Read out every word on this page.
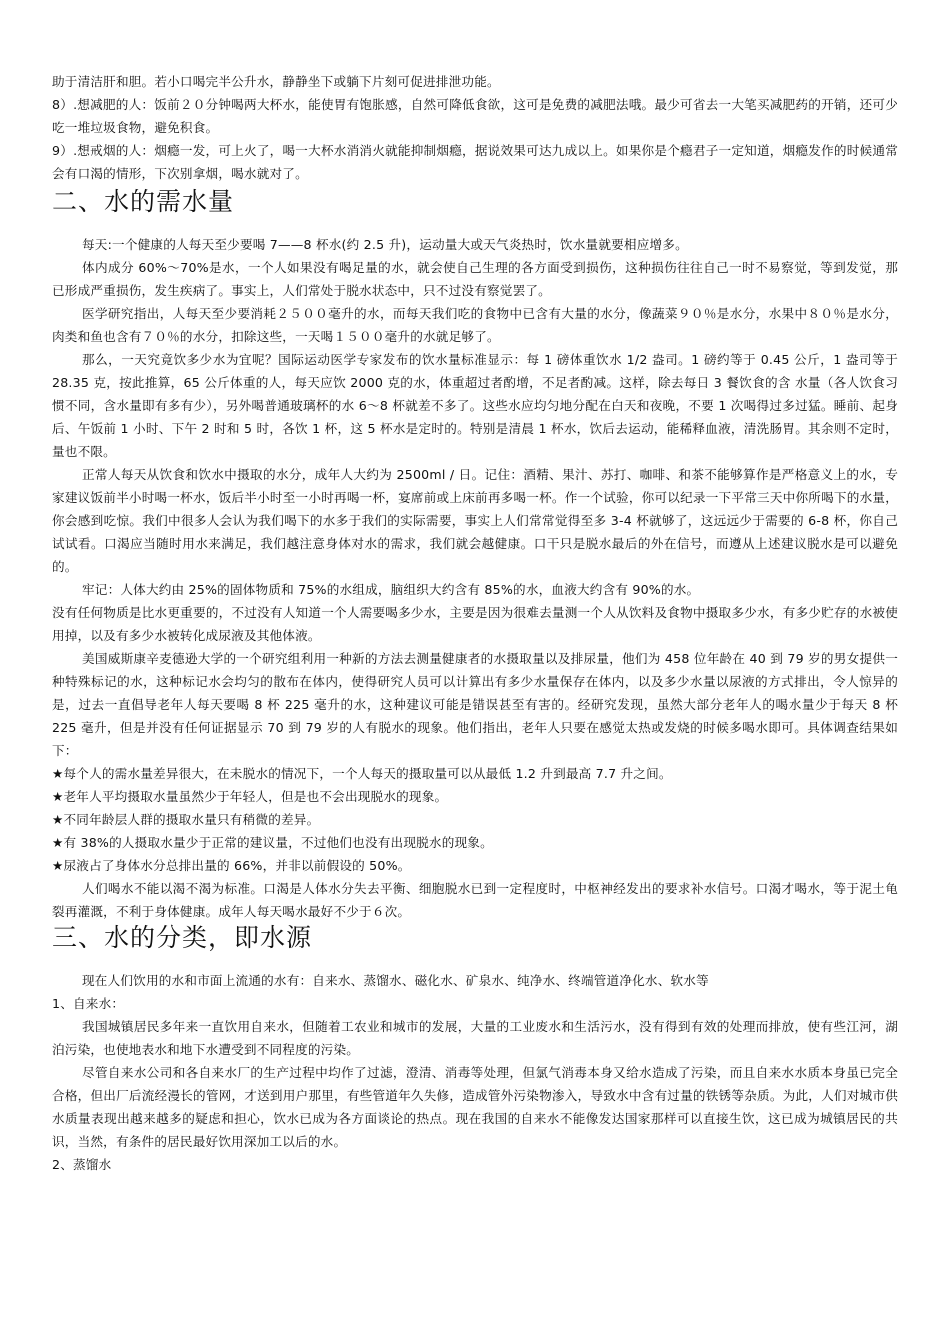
助于清洁肝和胆。若小口喝完半公升水，静静坐下或躺下片刻可促进排泄功能。

8）.想减肥的人：饭前２０分钟喝两大杯水，能使胃有饱胀感，自然可降低食欲，这可是免费的减肥法哦。最少可省去一大笔买减肥药的开销，还可少吃一堆垃圾食物，避免积食。

9）.想戒烟的人：烟瘾一发，可上火了，喝一大杯水消消火就能抑制烟瘾，据说效果可达九成以上。如果你是个瘾君子一定知道，烟瘾发作的时候通常会有口渴的情形，下次别拿烟，喝水就对了。

二、水的需水量

每天:一个健康的人每天至少要喝 7——8 杯水(约 2.5 升)，运动量大或天气炎热时，饮水量就要相应增多。

体内成分 60%～70%是水，一个人如果没有喝足量的水，就会使自己生理的各方面受到损伤，这种损伤往往自己一时不易察觉，等到发觉，那已形成严重损伤，发生疾病了。事实上，人们常处于脱水状态中，只不过没有察觉罢了。

医学研究指出，人每天至少要消耗２５００毫升的水，而每天我们吃的食物中已含有大量的水分，像蔬菜９０％是水分，水果中８０％是水分，肉类和鱼也含有７０％的水分，扣除这些，一天喝１５００毫升的水就足够了。

那么，一天究竟饮多少水为宜呢？国际运动医学专家发布的饮水量标准显示：每 1 磅体重饮水 1/2 盎司。1 磅约等于 0.45 公斤，1 盎司等于 28.35 克，按此推算，65 公斤体重的人，每天应饮 2000 克的水，体重超过者酌增，不足者酌减。这样，除去每日 3 餐饮食的含 水量（各人饮食习惯不同，含水量即有多有少），另外喝普通玻璃杯的水 6～8 杯就差不多了。这些水应均匀地分配在白天和夜晚，不要 1 次喝得过多过猛。睡前、起身后、午饭前 1 小时、下午 2 时和 5 时，各饮 1 杯，这 5 杯水是定时的。特别是清晨 1 杯水，饮后去运动，能稀释血液，清洗肠胃。其余则不定时，量也不限。

正常人每天从饮食和饮水中摄取的水分，成年人大约为 2500ml / 日。记住：酒精、果汁、苏打、咖啡、和茶不能够算作是严格意义上的水，专家建议饭前半小时喝一杯水，饭后半小时至一小时再喝一杯，宴席前或上床前再多喝一杯。作一个试验，你可以纪录一下平常三天中你所喝下的水量，你会感到吃惊。我们中很多人会认为我们喝下的水多于我们的实际需要，事实上人们常常觉得至多 3-4 杯就够了，这远远少于需要的 6-8 杯，你自己试试看。口渴应当随时用水来满足，我们越注意身体对水的需求，我们就会越健康。口干只是脱水最后的外在信号，而遵从上述建议脱水是可以避免的。

牢记：人体大约由 25%的固体物质和 75%的水组成，脑组织大约含有 85%的水，血液大约含有 90%的水。

没有任何物质是比水更重要的，不过没有人知道一个人需要喝多少水，主要是因为很难去量测一个人从饮料及食物中摄取多少水，有多少贮存的水被使用掉，以及有多少水被转化成尿液及其他体液。

美国威斯康辛麦德逊大学的一个研究组利用一种新的方法去测量健康者的水摄取量以及排尿量，他们为 458 位年龄在 40 到 79 岁的男女提供一种特殊标记的水，这种标记水会均匀的散布在体内，使得研究人员可以计算出有多少水量保存在体内，以及多少水量以尿液的方式排出，令人惊异的是，过去一直倡导老年人每天要喝 8 杯 225 毫升的水，这种建议可能是错误甚至有害的。经研究发现，虽然大部分老年人的喝水量少于每天 8 杯 225 毫升，但是并没有任何证据显示 70 到 79 岁的人有脱水的现象。他们指出，老年人只要在感觉太热或发烧的时候多喝水即可。具体调查结果如下：

★每个人的需水量差异很大，在未脱水的情况下，一个人每天的摄取量可以从最低 1.2 升到最高 7.7 升之间。

★老年人平均摄取水量虽然少于年轻人，但是也不会出现脱水的现象。

★不同年龄层人群的摄取水量只有稍微的差异。

★有 38%的人摄取水量少于正常的建议量，不过他们也没有出现脱水的现象。

★尿液占了身体水分总排出量的 66%，并非以前假设的 50%。

人们喝水不能以渴不渴为标准。口渴是人体水分失去平衡、细胞脱水已到一定程度时，中枢神经发出的要求补水信号。口渴才喝水，等于泥土龟裂再灌溉，不利于身体健康。成年人每天喝水最好不少于６次。

三、水的分类，即水源

现在人们饮用的水和市面上流通的水有：自来水、蒸馏水、磁化水、矿泉水、纯净水、终端管道净化水、软水等

1、自来水：

我国城镇居民多年来一直饮用自来水，但随着工农业和城市的发展，大量的工业废水和生活污水，没有得到有效的处理而排放，使有些江河，湖泊污染，也使地表水和地下水遭受到不同程度的污染。

尽管自来水公司和各自来水厂的生产过程中均作了过滤，澄清、消毒等处理，但氯气消毒本身又给水造成了污染，而且自来水水质本身虽已完全合格，但出厂后流经漫长的管网，才送到用户那里，有些管道年久失修，造成管外污染物渗入，导致水中含有过量的铁锈等杂质。为此，人们对城市供水质量表现出越来越多的疑虑和担心，饮水已成为各方面谈论的热点。现在我国的自来水不能像发达国家那样可以直接生饮，这已成为城镇居民的共识，当然，有条件的居民最好饮用深加工以后的水。

2、蒸馏水
